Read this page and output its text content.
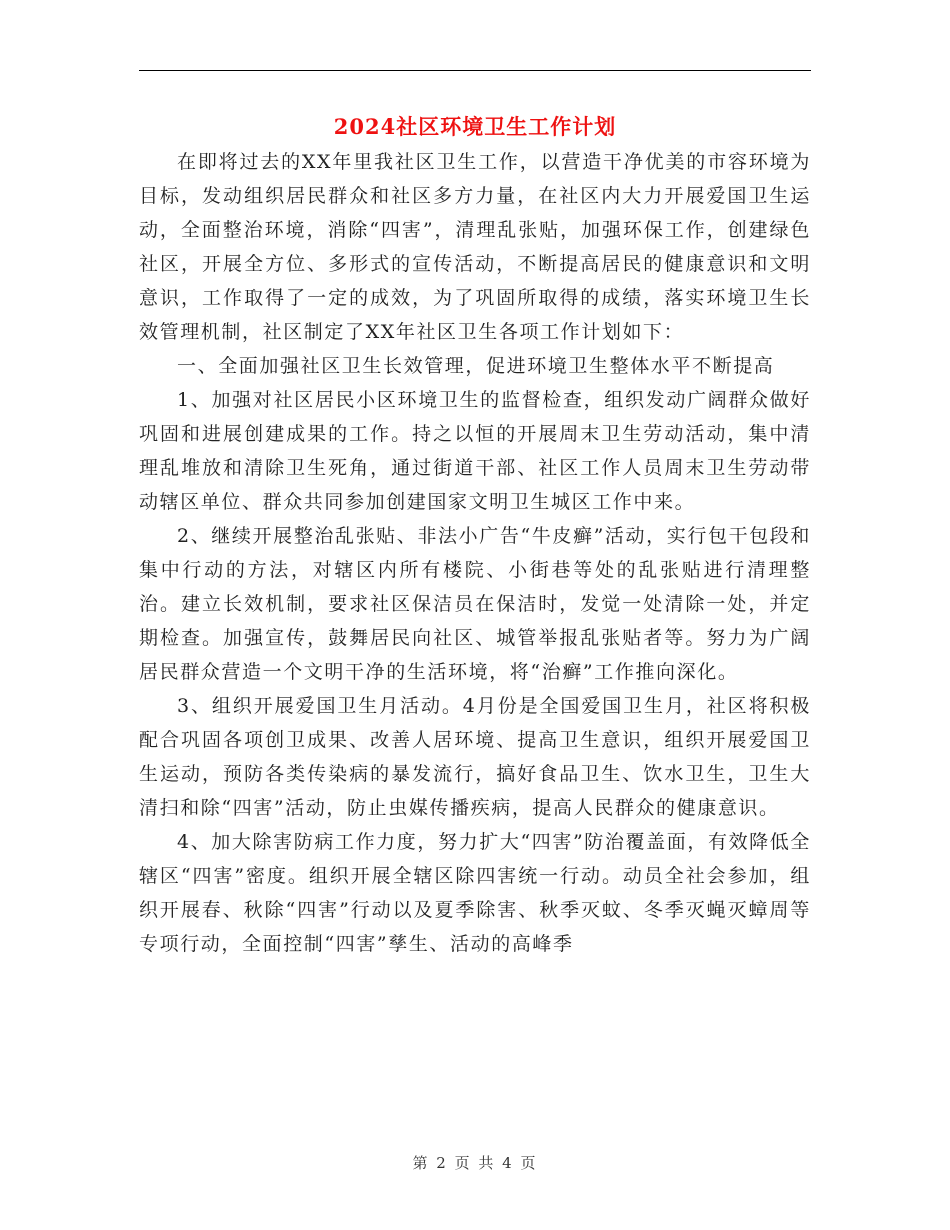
2024社区环境卫生工作计划

在即将过去的XX年里我社区卫生工作，以营造干净优美的市容环境为目标，发动组织居民群众和社区多方力量，在社区内大力开展爱国卫生运动，全面整治环境，消除“四害”，清理乱张贴，加强环保工作，创建绿色社区，开展全方位、多形式的宣传活动，不断提高居民的健康意识和文明意识，工作取得了一定的成效，为了巩固所取得的成绩，落实环境卫生长效管理机制，社区制定了XX年社区卫生各项工作计划如下：

一、全面加强社区卫生长效管理，促进环境卫生整体水平不断提高

1、加强对社区居民小区环境卫生的监督检查，组织发动广阔群众做好巩固和进展创建成果的工作。持之以恒的开展周末卫生劳动活动，集中清理乱堆放和清除卫生死角，通过街道干部、社区工作人员周末卫生劳动带动辖区单位、群众共同参加创建国家文明卫生城区工作中来。

2、继续开展整治乱张贴、非法小广告“牛皮癣”活动，实行包干包段和集中行动的方法，对辖区内所有楼院、小街巷等处的乱张贴进行清理整治。建立长效机制，要求社区保洁员在保洁时，发觉一处清除一处，并定期检查。加强宣传，鼓舞居民向社区、城管举报乱张贴者等。努力为广阔居民群众营造一个文明干净的生活环境，将“治癣”工作推向深化。

3、组织开展爱国卫生月活动。4月份是全国爱国卫生月，社区将积极配合巩固各项创卫成果、改善人居环境、提高卫生意识，组织开展爱国卫生运动，预防各类传染病的暴发流行，搞好食品卫生、饮水卫生，卫生大清扫和除“四害”活动，防止虫媒传播疾病，提高人民群众的健康意识。

4、加大除害防病工作力度，努力扩大“四害”防治覆盖面，有效降低全辖区“四害”密度。组织开展全辖区除四害统一行动。动员全社会参加，组织开展春、秋除“四害”行动以及夏季除害、秋季灭蚊、冬季灭蝇灭蟑周等专项行动，全面控制“四害”孳生、活动的高峰季

第 2 页 共 4 页
